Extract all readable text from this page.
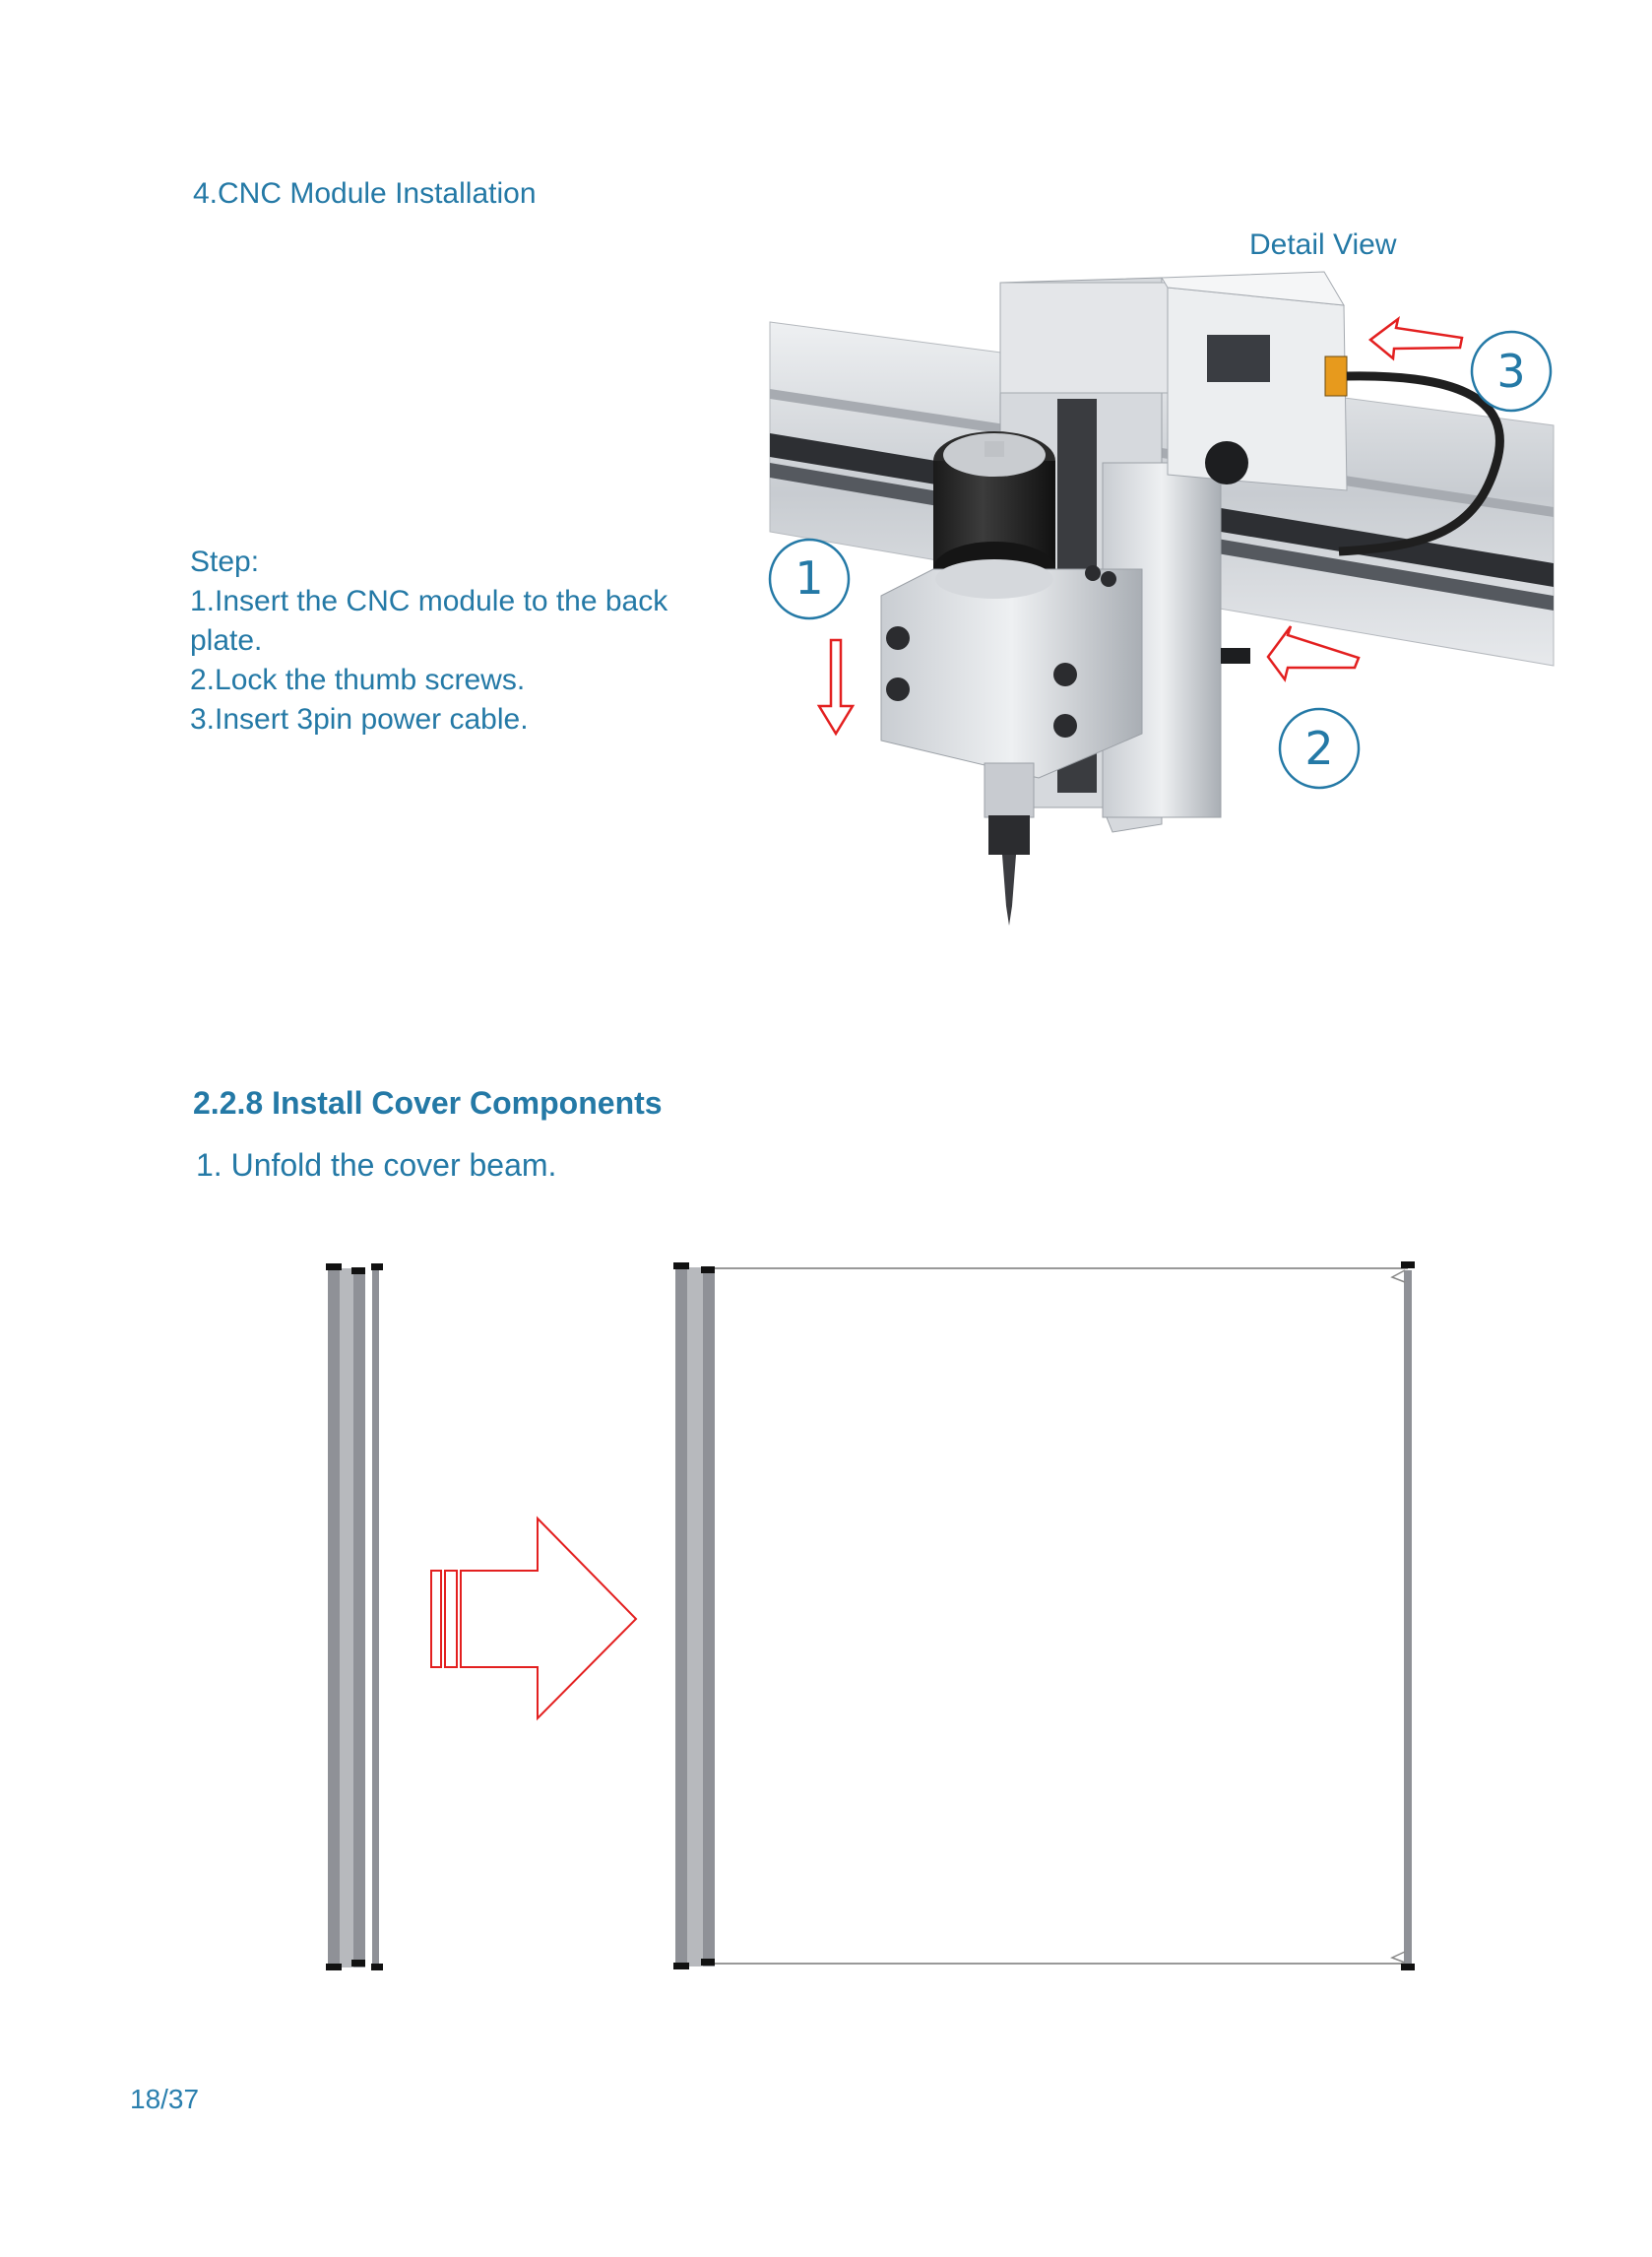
4.CNC Module Installation
Detail View
Step:
1.Insert the CNC module to the back
plate.
2.Lock the thumb screws.
3.Insert 3pin power cable.
1
2
3
2.2.8 Install Cover Components
1. Unfold the cover beam.
18/37
